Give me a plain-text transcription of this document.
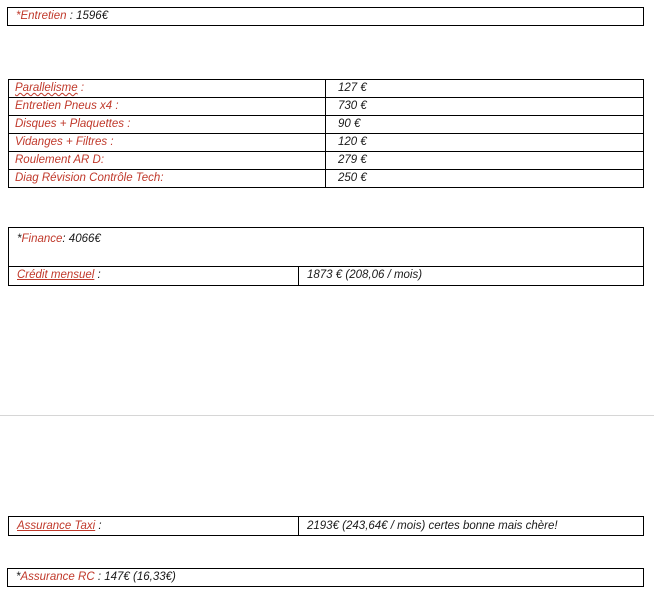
*Entretien : 1596€
Parallelisme :	127 €
Entretien Pneus x4 :	730 €
Disques + Plaquettes :	90 €
Vidanges + Filtres :	120 €
Roulement AR D:	279 €
Diag Révision Contrôle Tech:	250 €
*Finance: 4066€
Crédit mensuel :	1873 € (208,06 / mois)
Assurance Taxi :	2193€ (243,64€ / mois) certes bonne mais chère!
*Assurance RC : 147€ (16,33€)
